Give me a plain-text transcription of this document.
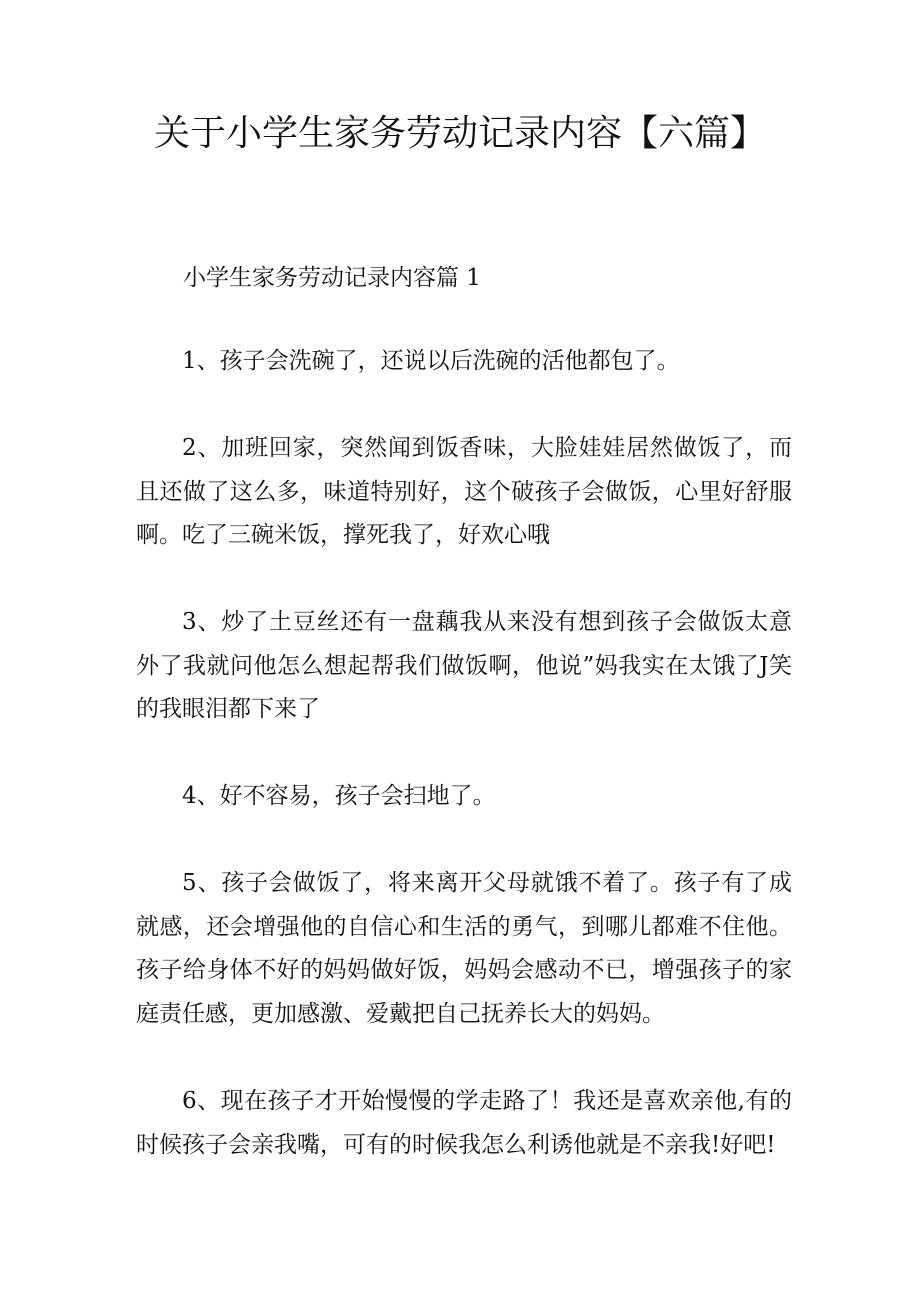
关于小学生家务劳动记录内容【六篇】

小学生家务劳动记录内容篇 1

1、孩子会洗碗了，还说以后洗碗的活他都包了。

2、加班回家，突然闻到饭香味，大脸娃娃居然做饭了，而且还做了这么多，味道特别好，这个破孩子会做饭，心里好舒服啊。吃了三碗米饭，撑死我了，好欢心哦

3、炒了土豆丝还有一盘藕我从来没有想到孩子会做饭太意外了我就问他怎么想起帮我们做饭啊，他说”妈我实在太饿了J笑的我眼泪都下来了

4、好不容易，孩子会扫地了。

5、孩子会做饭了，将来离开父母就饿不着了。孩子有了成就感，还会增强他的自信心和生活的勇气，到哪儿都难不住他。孩子给身体不好的妈妈做好饭，妈妈会感动不已，增强孩子的家庭责任感，更加感激、爱戴把自己抚养长大的妈妈。

6、现在孩子才开始慢慢的学走路了！我还是喜欢亲他,有的时候孩子会亲我嘴，可有的时候我怎么利诱他就是不亲我!好吧!
